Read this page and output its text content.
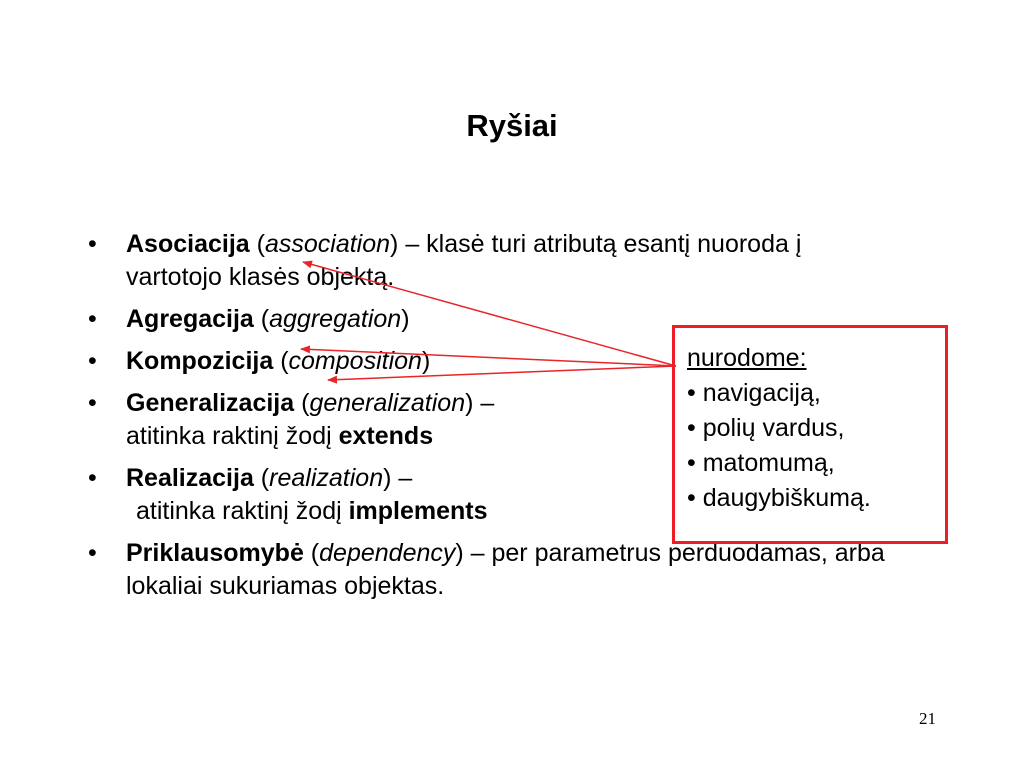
Ryšiai
• Asociacija (association) – klasė turi atributą esantį nuoroda į vartotojo klasės objektą.
• Agregacija (aggregation)
• Kompozicija (composition)
• Generalizacija (generalization) –
atitinka raktinį žodį extends
• Realizacija (realization) –
atitinka raktinį žodį implements
• Priklausomybė (dependency) – per parametrus perduodamas, arba lokaliai sukuriamas objektas.
nurodome:
• navigaciją,
• polių vardus,
• matomumą,
• daugybiškumą.
21
